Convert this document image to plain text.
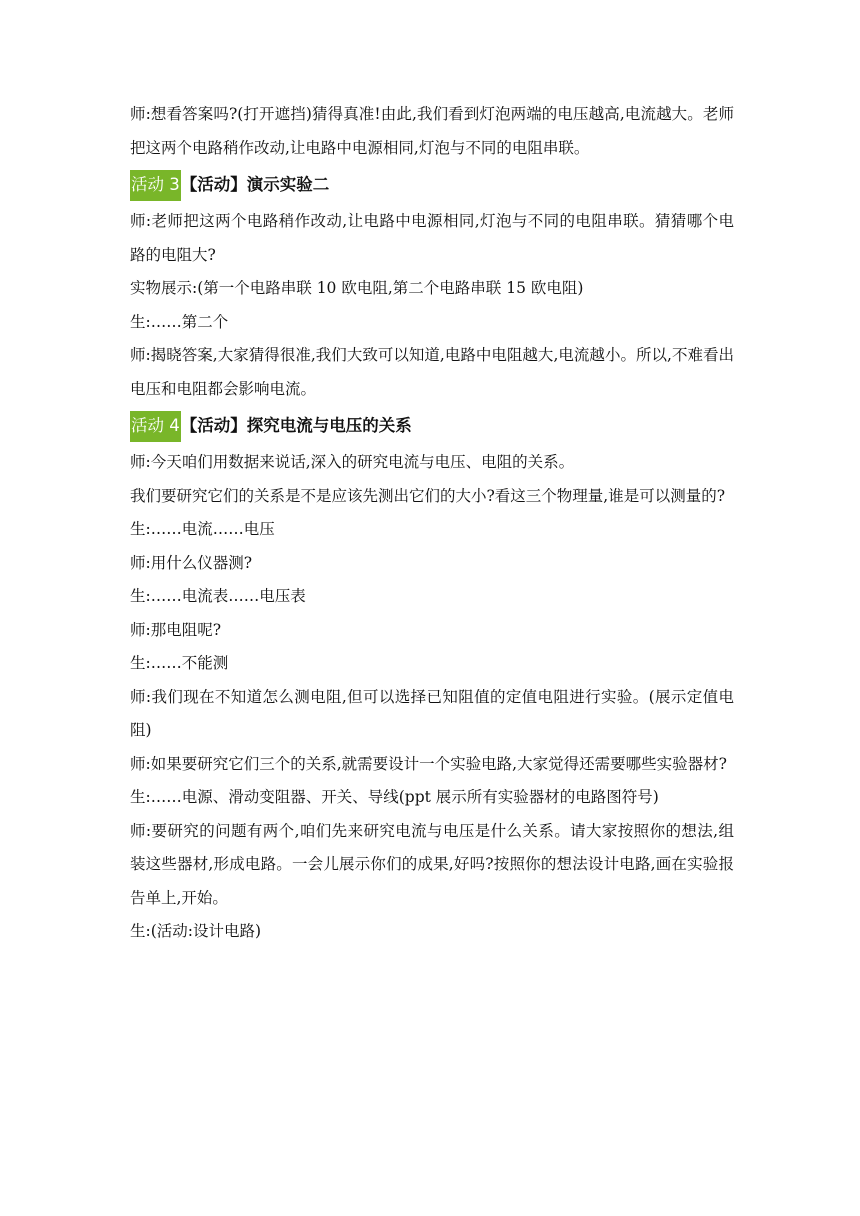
师:想看答案吗?(打开遮挡)猜得真准!由此,我们看到灯泡两端的电压越高,电流越大。老师把这两个电路稍作改动,让电路中电源相同,灯泡与不同的电阻串联。

活动 3 【活动】演示实验二

师:老师把这两个电路稍作改动,让电路中电源相同,灯泡与不同的电阻串联。猜猜哪个电路的电阻大?

实物展示:(第一个电路串联 10 欧电阻,第二个电路串联 15 欧电阻)

生:……第二个

师:揭晓答案,大家猜得很准,我们大致可以知道,电路中电阻越大,电流越小。所以,不难看出电压和电阻都会影响电流。

活动 4 【活动】探究电流与电压的关系

师:今天咱们用数据来说话,深入的研究电流与电压、电阻的关系。

我们要研究它们的关系是不是应该先测出它们的大小?看这三个物理量,谁是可以测量的?

生:……电流……电压

师:用什么仪器测?

生:……电流表……电压表

师:那电阻呢?

生:……不能测

师:我们现在不知道怎么测电阻,但可以选择已知阻值的定值电阻进行实验。(展示定值电阻)

师:如果要研究它们三个的关系,就需要设计一个实验电路,大家觉得还需要哪些实验器材?

生:……电源、滑动变阻器、开关、导线(ppt 展示所有实验器材的电路图符号)

师:要研究的问题有两个,咱们先来研究电流与电压是什么关系。请大家按照你的想法,组装这些器材,形成电路。一会儿展示你们的成果,好吗?按照你的想法设计电路,画在实验报告单上,开始。

生:(活动:设计电路)
